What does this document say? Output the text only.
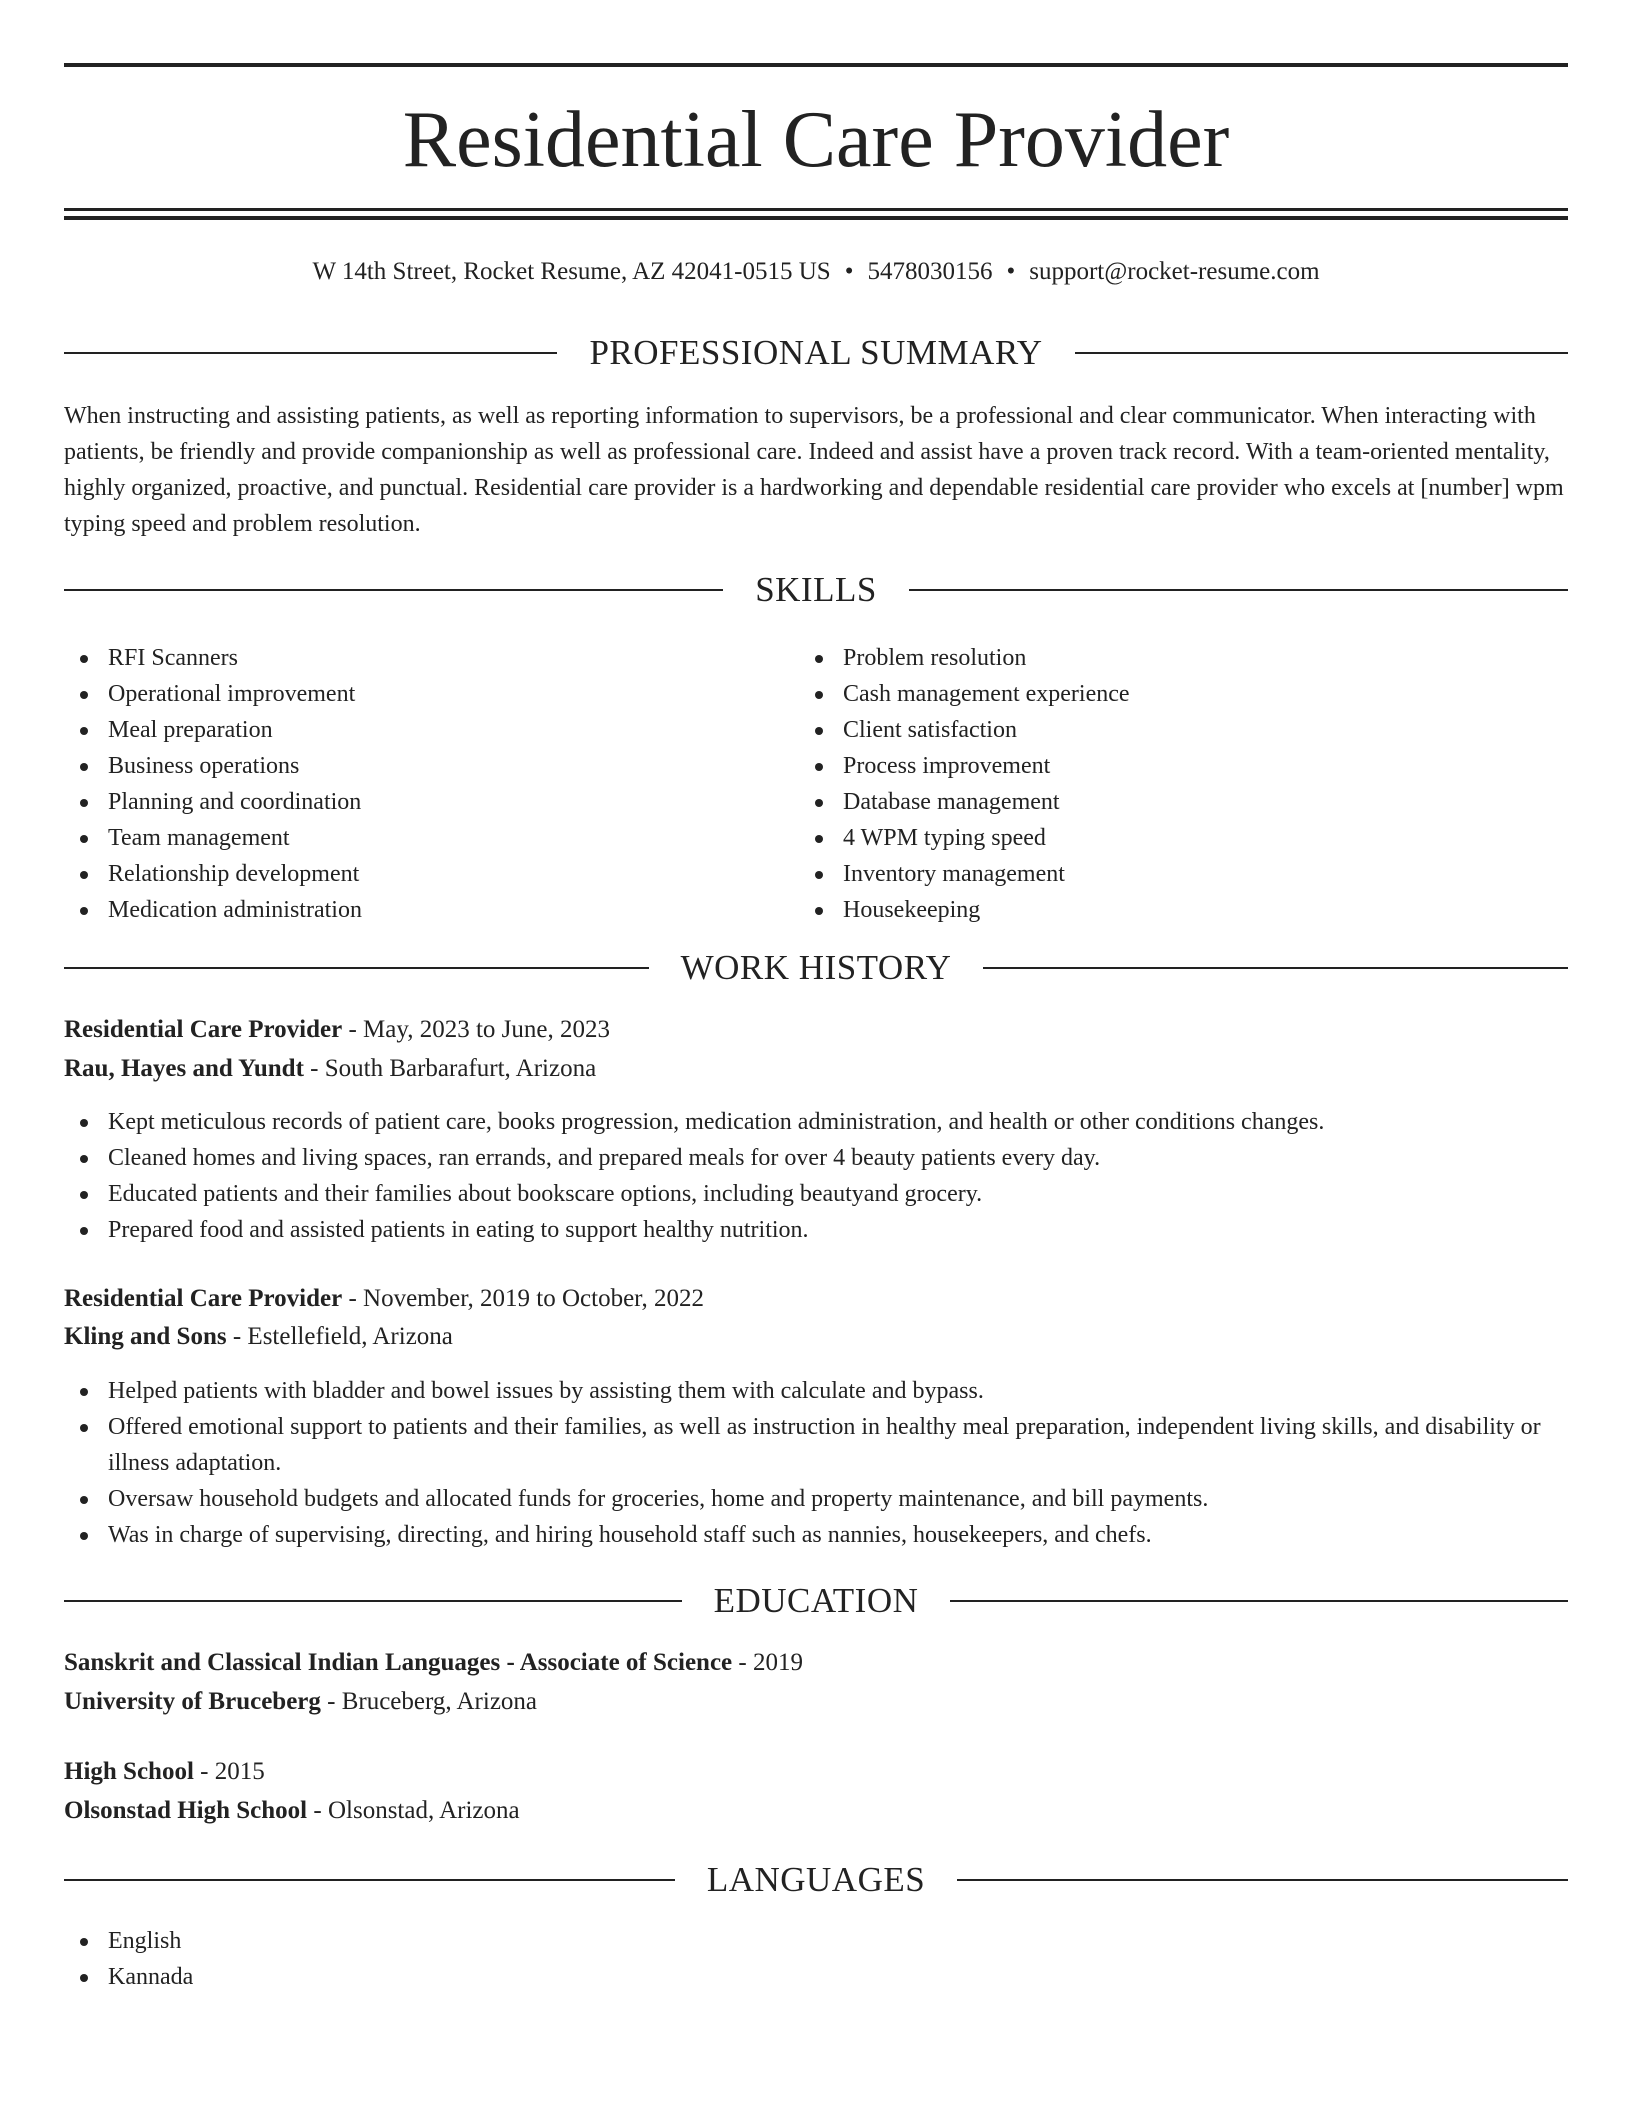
Residential Care Provider
W 14th Street, Rocket Resume, AZ 42041-0515 US • 5478030156 • support@rocket-resume.com
PROFESSIONAL SUMMARY

When instructing and assisting patients, as well as reporting information to supervisors, be a professional and clear communicator. When interacting with patients, be friendly and provide companionship as well as professional care. Indeed and assist have a proven track record. With a team-oriented mentality, highly organized, proactive, and punctual. Residential care provider is a hardworking and dependable residential care provider who excels at [number] wpm typing speed and problem resolution.

SKILLS
RFI Scanners
Operational improvement
Meal preparation
Business operations
Planning and coordination
Team management
Relationship development
Medication administration
Problem resolution
Cash management experience
Client satisfaction
Process improvement
Database management
4 WPM typing speed
Inventory management
Housekeeping
WORK HISTORY
Residential Care Provider - May, 2023 to June, 2023
Rau, Hayes and Yundt - South Barbarafurt, Arizona
Kept meticulous records of patient care, books progression, medication administration, and health or other conditions changes.
Cleaned homes and living spaces, ran errands, and prepared meals for over 4 beauty patients every day.
Educated patients and their families about bookscare options, including beautyand grocery.
Prepared food and assisted patients in eating to support healthy nutrition.
Residential Care Provider - November, 2019 to October, 2022
Kling and Sons - Estellefield, Arizona
Helped patients with bladder and bowel issues by assisting them with calculate and bypass.
Offered emotional support to patients and their families, as well as instruction in healthy meal preparation, independent living skills, and disability or illness adaptation.
Oversaw household budgets and allocated funds for groceries, home and property maintenance, and bill payments.
Was in charge of supervising, directing, and hiring household staff such as nannies, housekeepers, and chefs.
EDUCATION
Sanskrit and Classical Indian Languages - Associate of Science - 2019
University of Bruceberg - Bruceberg, Arizona
High School - 2015
Olsonstad High School - Olsonstad, Arizona
LANGUAGES
English
Kannada
